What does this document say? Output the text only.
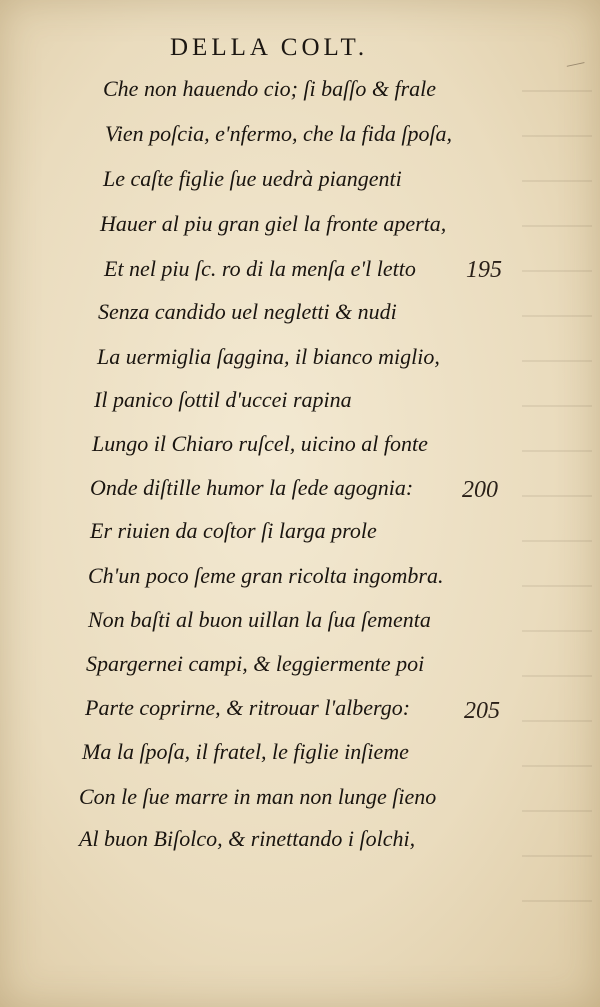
DELLA COLT.
Che non hauendo cio; ſi baſſo & frale
Vien poſcia, e'nfermo, che la fida ſpoſa,
Le caſte figlie ſue uedrà piangenti
Hauer al piu gran giel la fronte aperta,
Et nel piu ſc. ro di la menſa e'l letto
Senza candido uel negletti & nudi
La uermiglia ſaggina, il bianco miglio,
Il panico ſottil d'uccei rapina
Lungo il Chiaro ruſcel, uicino al fonte
Onde diſtille humor la ſede agognia:
Er riuien da coſtor ſi larga prole
Ch'un poco ſeme gran ricolta ingombra.
Non baſti al buon uillan la ſua ſementa
Spargernei campi, & leggiermente poi
Parte coprirne, & ritrouar l'albergo:
Ma la ſpoſa, il fratel, le figlie inſieme
Con le ſue marre in man non lunge ſieno
Al buon Biſolco, & rinettando i ſolchi,
195
200
205
